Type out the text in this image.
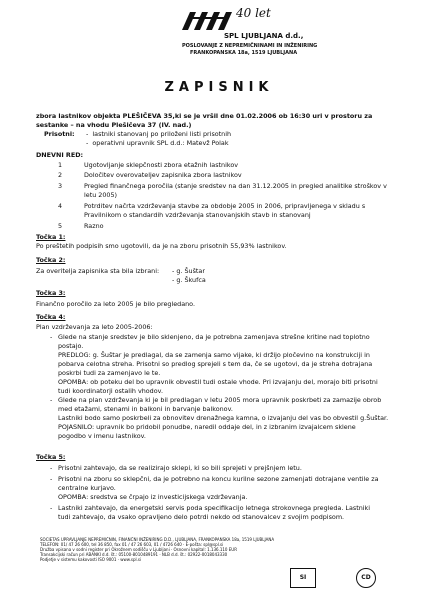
40 let
SPL LJUBLJANA d.d.,
POSLOVANJE Z NEPREMIČNINAMI IN INŽENIRING
FRANKOPANSKA 18a, 1519 LJUBLJANA
ZAPISNIK
zbora lastnikov objekta PLEŠIČEVA 35,ki se je vršil dne 01.02.2006 ob 16:30 uri v prostoru za
sestanke – na vhodu Plešičeva 37 (IV. nad.)
Prisotni: -  lastniki stanovanj po priloženi listi prisotnih
-  operativni upravnik SPL d.d.: Matevž Polak
DNEVNI RED:
1	Ugotovljanje sklepčnosti zbora etažnih lastnikov
2	Določitev overovateljev zapisnika zbora lastnikov
3	Pregled finančnega poročila (stanje sredstev na dan 31.12.2005 in pregled analitike stroškov v
letu 2005)
4	Potrditev načrta vzdrževanja stavbe za obdobje 2005 in 2006, pripravljenega v skladu s
Pravilnikom o standardih vzdrževanja stanovanjskih stavb in stanovanj
5	Razno
Točka 1:
Po preštetih podpisih smo ugotovili, da je na zboru prisotnih 55,93% lastnikov.
Točka 2:
Za overitelja zapisnika sta bila izbrani: - g. Šuštar
- g. Škufca
Točka 3:
Finančno poročilo za leto 2005 je bilo pregledano.
Točka 4:
Plan vzdrževanja za leto 2005-2006:
- Glede na stanje sredstev je bilo sklenjeno, da je potrebna zamenjava strešne kritine nad toplotno
postajo.
PREDLOG: g. Šuštar je predlagal, da se zamenja samo vijake, ki držijo pločevino na konstrukciji in
pobarva celotna streha. Prisotni so predlog sprejeli s tem da, če se ugotovi, da je streha dotrajana
poskrbi tudi za zamenjavo le te.
OPOMBA: ob poteku del bo upravnik obvestil tudi ostale vhode. Pri izvajanju del, morajo biti prisotni
tudi koordinatorji ostalih vhodov.
- Glede na plan vzdrževanja ki je bil predlagan v letu 2005 mora upravnik poskrbeti za zamazije obrob
med etažami, stenami in balkoni in barvanje balkonov.
Lastniki bodo samo poskrbeli za obnovitev drenažnega kamna, o izvajanju del vas bo obvestil g.Šuštar.
POJASNILO: upravnik bo pridobil ponudbe, naredil oddaje del, in z izbranim izvajalcem sklene
pogodbo v imenu lastnikov.
Točka 5:
- Prisotni zahtevajo, da se realizirajo sklepi, ki so bili sprejeti v prejšnjem letu.
- Prisotni na zboru so sklepčni, da je potrebno na koncu kurilne sezone zamenjati dotrajane ventile za
centralne kurjavo.
OPOMBA: sredstva se črpajo iz investicijskega vzdrževanja.
- Lastniki zahtevajo, da energetski servis poda specifikacijo letnega strokovnega pregleda. Lastniki
tudi zahtevajo, da vsako opravljeno delo potrdi nekdo od stanovalcev z svojim podpisom.
SOCIETAS UPRAVLJANJE NEPREMIČNIN, FINANČNI INŽENIRING D.D., LJUBLJANA, FRANKOPANSKA 18a, 1519 LJUBLJANA
TELEFON: 01/ 47 26 600, tel 36 850, fax 01 / 47 26 603, 01 / 4726 640 · E-pošta: spl@spl.si
Družba vpisana v sodni register pri Okrožnem sodišču v Ljubljani · Osnovni kapital: 1.136.110 EUR
Transakcijski račun pri ABANKI d.d. št.: 05100-8010489191 · NLB d.d. št.: 02922-0018043330
Podjetje v sistemu kakovosti ISO 9001 · www.spl.si
SI	CD
